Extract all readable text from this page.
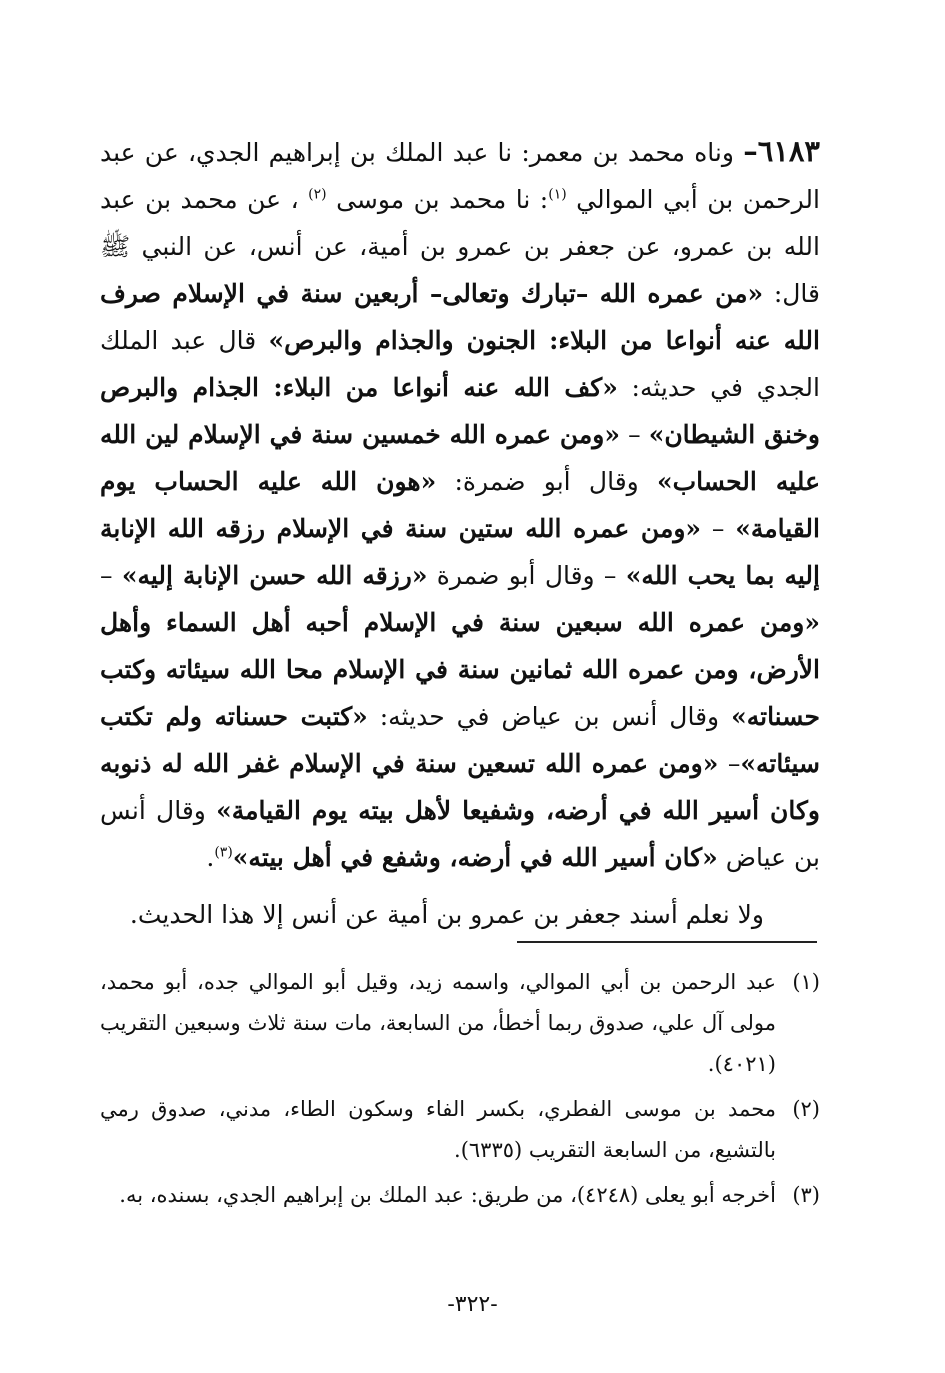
٦١٨٣– وناه محمد بن معمر: نا عبد الملك بن إبراهيم الجدي، عن عبد الرحمن بن أبي الموالي $^{(١)}$: نا محمد بن موسى $^{(٢)}$ ، عن محمد بن عبد الله بن عمرو، عن جعفر بن عمرو بن أمية، عن أنس، عن النبي ﷺ قال: «من عمره الله –تبارك وتعالى– أربعين سنة في الإسلام صرف الله عنه أنواعا من البلاء: الجنون والجذام والبرص» قال عبد الملك الجدي في حديثه: «كف الله عنه أنواعا من البلاء: الجذام والبرص وخنق الشيطان» – «ومن عمره الله خمسين سنة في الإسلام لين الله عليه الحساب» وقال أبو ضمرة: «هون الله عليه الحساب يوم القيامة» – «ومن عمره الله ستين سنة في الإسلام رزقه الله الإنابة إليه بما يحب الله» – وقال أبو ضمرة «رزقه الله حسن الإنابة إليه» – «ومن عمره الله سبعين سنة في الإسلام أحبه أهل السماء وأهل الأرض، ومن عمره الله ثمانين سنة في الإسلام محا الله سيئاته وكتب حسناته» وقال أنس بن عياض في حديثه: «كتبت حسناته ولم تكتب سيئاته»– «ومن عمره الله تسعين سنة في الإسلام غفر الله له ذنوبه وكان أسير الله في أرضه، وشفيعا لأهل بيته يوم القيامة» وقال أنس بن عياض «كان أسير الله في أرضه، وشفع في أهل بيته»$^{(٣)}$.

ولا نعلم أسند جعفر بن عمرو بن أمية عن أنس إلا هذا الحديث.
(١)
عبد الرحمن بن أبي الموالي، واسمه زيد، وقيل أبو الموالي جده، أبو محمد، مولى آل علي، صدوق ربما أخطأ، من السابعة، مات سنة ثلاث وسبعين التقريب (٤٠٢١).
(٢)
محمد بن موسى الفطري، بكسر الفاء وسكون الطاء، مدني، صدوق رمي بالتشيع، من السابعة التقريب (٦٣٣٥).
(٣)
أخرجه أبو يعلى (٤٢٤٨)، من طريق: عبد الملك بن إبراهيم الجدي، بسنده، به.
-٣٢٢-
